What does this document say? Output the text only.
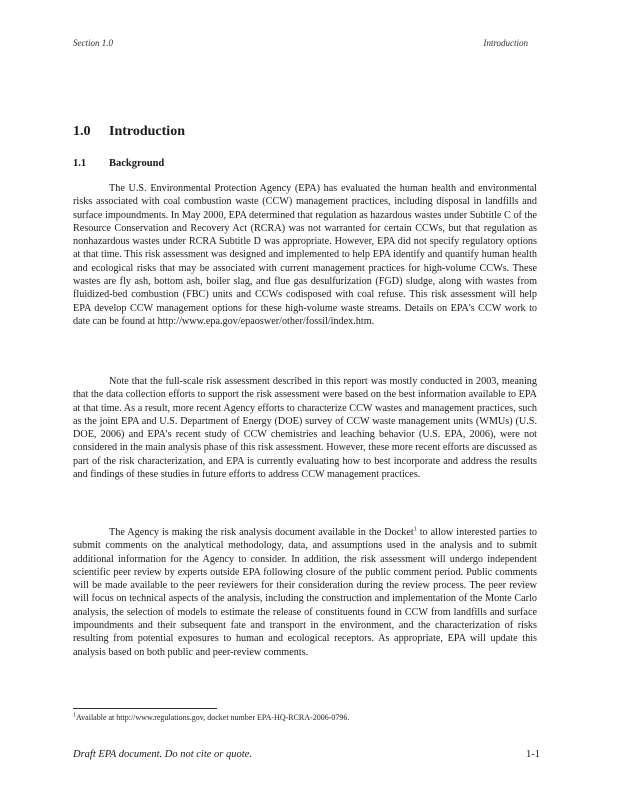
Section 1.0	Introduction
1.0 Introduction
1.1 Background

The U.S. Environmental Protection Agency (EPA) has evaluated the human health and environmental risks associated with coal combustion waste (CCW) management practices, including disposal in landfills and surface impoundments. In May 2000, EPA determined that regulation as hazardous wastes under Subtitle C of the Resource Conservation and Recovery Act (RCRA) was not warranted for certain CCWs, but that regulation as nonhazardous wastes under RCRA Subtitle D was appropriate. However, EPA did not specify regulatory options at that time. This risk assessment was designed and implemented to help EPA identify and quantify human health and ecological risks that may be associated with current management practices for high-volume CCWs. These wastes are fly ash, bottom ash, boiler slag, and flue gas desulfurization (FGD) sludge, along with wastes from fluidized-bed combustion (FBC) units and CCWs codisposed with coal refuse. This risk assessment will help EPA develop CCW management options for these high-volume waste streams. Details on EPA's CCW work to date can be found at http://www.epa.gov/epaoswer/other/fossil/index.htm.

Note that the full-scale risk assessment described in this report was mostly conducted in 2003, meaning that the data collection efforts to support the risk assessment were based on the best information available to EPA at that time. As a result, more recent Agency efforts to characterize CCW wastes and management practices, such as the joint EPA and U.S. Department of Energy (DOE) survey of CCW waste management units (WMUs) (U.S. DOE, 2006) and EPA's recent study of CCW chemistries and leaching behavior (U.S. EPA, 2006), were not considered in the main analysis phase of this risk assessment. However, these more recent efforts are discussed as part of the risk characterization, and EPA is currently evaluating how to best incorporate and address the results and findings of these studies in future efforts to address CCW management practices.

The Agency is making the risk analysis document available in the Docket$^1$ to allow interested parties to submit comments on the analytical methodology, data, and assumptions used in the analysis and to submit additional information for the Agency to consider. In addition, the risk assessment will undergo independent scientific peer review by experts outside EPA following closure of the public comment period. Public comments will be made available to the peer reviewers for their consideration during the review process. The peer review will focus on technical aspects of the analysis, including the construction and implementation of the Monte Carlo analysis, the selection of models to estimate the release of constituents found in CCW from landfills and surface impoundments and their subsequent fate and transport in the environment, and the characterization of risks resulting from potential exposures to human and ecological receptors. As appropriate, EPA will update this analysis based on both public and peer-review comments.

$^1$Available at http://www.regulations.gov, docket number EPA-HQ-RCRA-2006-0796.
Draft EPA document. Do not cite or quote.	1-1
